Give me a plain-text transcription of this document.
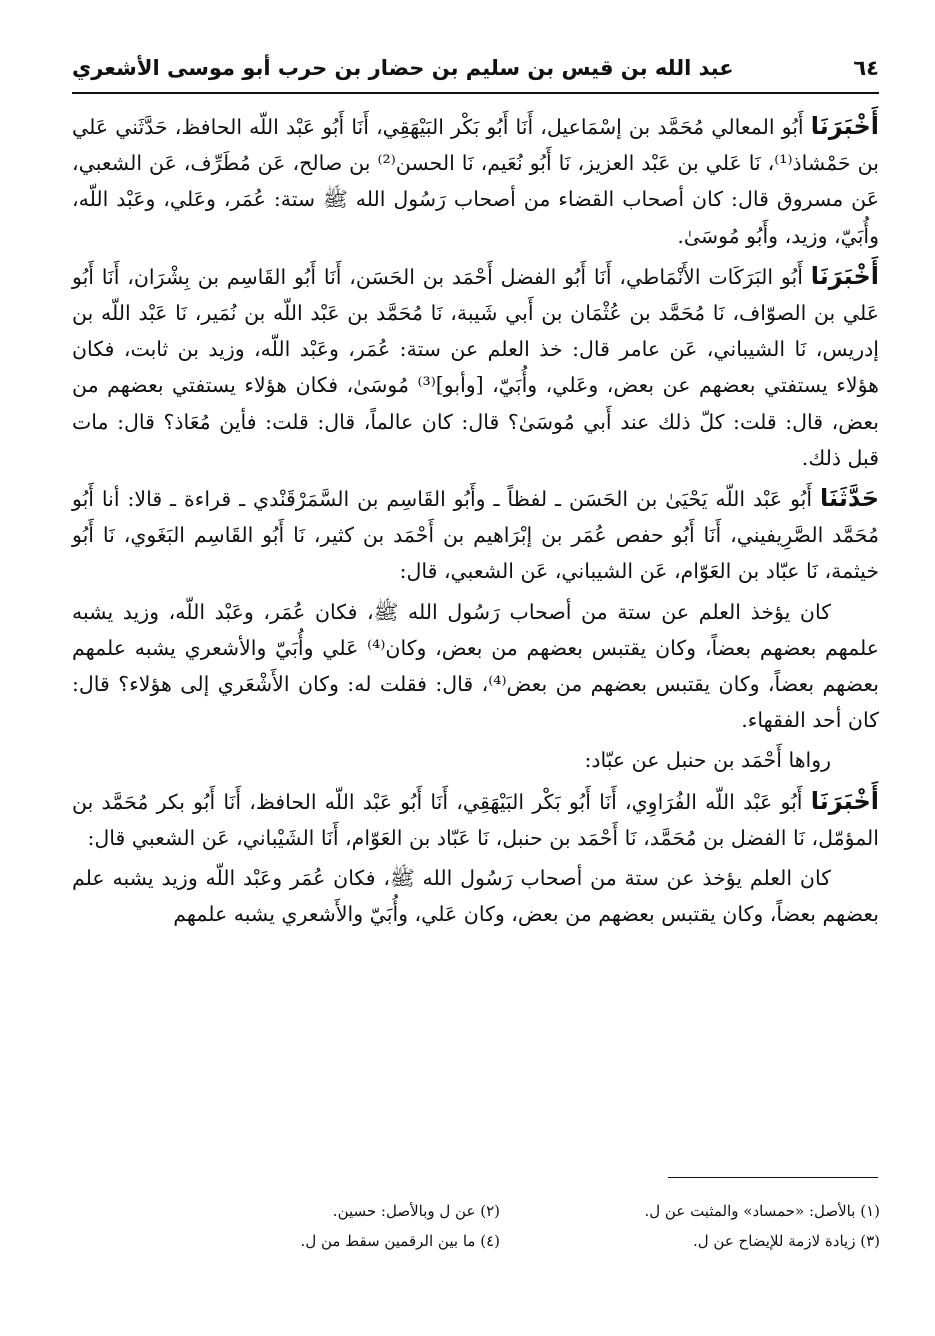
٦٤
عبد الله بن قيس بن سليم بن حضار بن حرب أبو موسى الأشعري

أَخْبَرَنَا أَبُو المعالي مُحَمَّد بن إسْمَاعيل، أَنَا أَبُو بَكْر البَيْهَقِي، أَنَا أَبُو عَبْد اللّه الحافظ، حَدَّثَني عَلي بن حَمْشاذ⁽¹⁾، نَا عَلي بن عَبْد العزيز، نَا أَبُو نُعَيم، نَا الحسن⁽²⁾ بن صالح، عَن مُطَرِّف، عَن الشعبي، عَن مسروق قال: كان أصحاب القضاء من أصحاب رَسُول الله ﷺ ستة: عُمَر، وعَلي، وعَبْد اللّه، وأُبَيّ، وزيد، وأَبُو مُوسَىٰ.

أَخْبَرَنَا أَبُو البَرَكَات الأَنْمَاطي، أَنَا أَبُو الفضل أَحْمَد بن الحَسَن، أَنَا أَبُو القَاسِم بن بِشْرَان، أَنَا أَبُو عَلي بن الصوّاف، نَا مُحَمَّد بن عُثْمَان بن أَبي شَيبة، نَا مُحَمَّد بن عَبْد اللّه بن نُمَير، نَا عَبْد اللّه بن إدريس، نَا الشيباني، عَن عامر قال: خذ العلم عن ستة: عُمَر، وعَبْد اللّه، وزيد بن ثابت، فكان هؤلاء يستفتي بعضهم عن بعض، وعَلي، وأُبَيّ، [وأبو]⁽³⁾ مُوسَىٰ، فكان هؤلاء يستفتي بعضهم من بعض، قال: قلت: كلّ ذلك عند أَبي مُوسَىٰ؟ قال: كان عالماً، قال: قلت: فأين مُعَاذ؟ قال: مات قبل ذلك.

حَدَّثَنَا أَبُو عَبْد اللّه يَحْيَىٰ بن الحَسَن ـ لفظاً ـ وأَبُو القَاسِم بن السَّمَرْقَنْدي ـ قراءة ـ قالا: أنا أَبُو مُحَمَّد الصَّرِيفيني، أَنَا أَبُو حفص عُمَر بن إبْرَاهيم بن أَحْمَد بن كثير، نَا أَبُو القَاسِم البَغَوي، نَا أَبُو خيثمة، نَا عبّاد بن العَوّام، عَن الشيباني، عَن الشعبي، قال:

كان يؤخذ العلم عن ستة من أصحاب رَسُول الله ﷺ، فكان عُمَر، وعَبْد اللّه، وزيد يشبه علمهم بعضهم بعضاً، وكان يقتبس بعضهم من بعض، وكان⁽⁴⁾ عَلي وأُبَيّ والأشعري يشبه علمهم بعضهم بعضاً، وكان يقتبس بعضهم من بعض⁽⁴⁾، قال: فقلت له: وكان الأَشْعَري إلى هؤلاء؟ قال: كان أحد الفقهاء.

رواها أَحْمَد بن حنبل عن عبّاد:

أَخْبَرَنَا أَبُو عَبْد اللّه الفُرَاوِي، أَنَا أَبُو بَكْر البَيْهَقِي، أَنَا أَبُو عَبْد اللّه الحافظ، أَنَا أَبُو بكر مُحَمَّد بن المؤمّل، نَا الفضل بن مُحَمَّد، نَا أَحْمَد بن حنبل، نَا عَبّاد بن العَوّام، أَنَا الشَيْباني، عَن الشعبي قال:

كان العلم يؤخذ عن ستة من أصحاب رَسُول الله ﷺ، فكان عُمَر وعَبْد اللّه وزيد يشبه علم بعضهم بعضاً، وكان يقتبس بعضهم من بعض، وكان عَلي، وأُبَيّ والأَشعري يشبه علمهم

(١) بالأصل: «حمساد» والمثبت عن ل.
(٢) عن ل وبالأصل: حسين.
(٣) زيادة لازمة للإيضاح عن ل.
(٤) ما بين الرقمين سقط من ل.
